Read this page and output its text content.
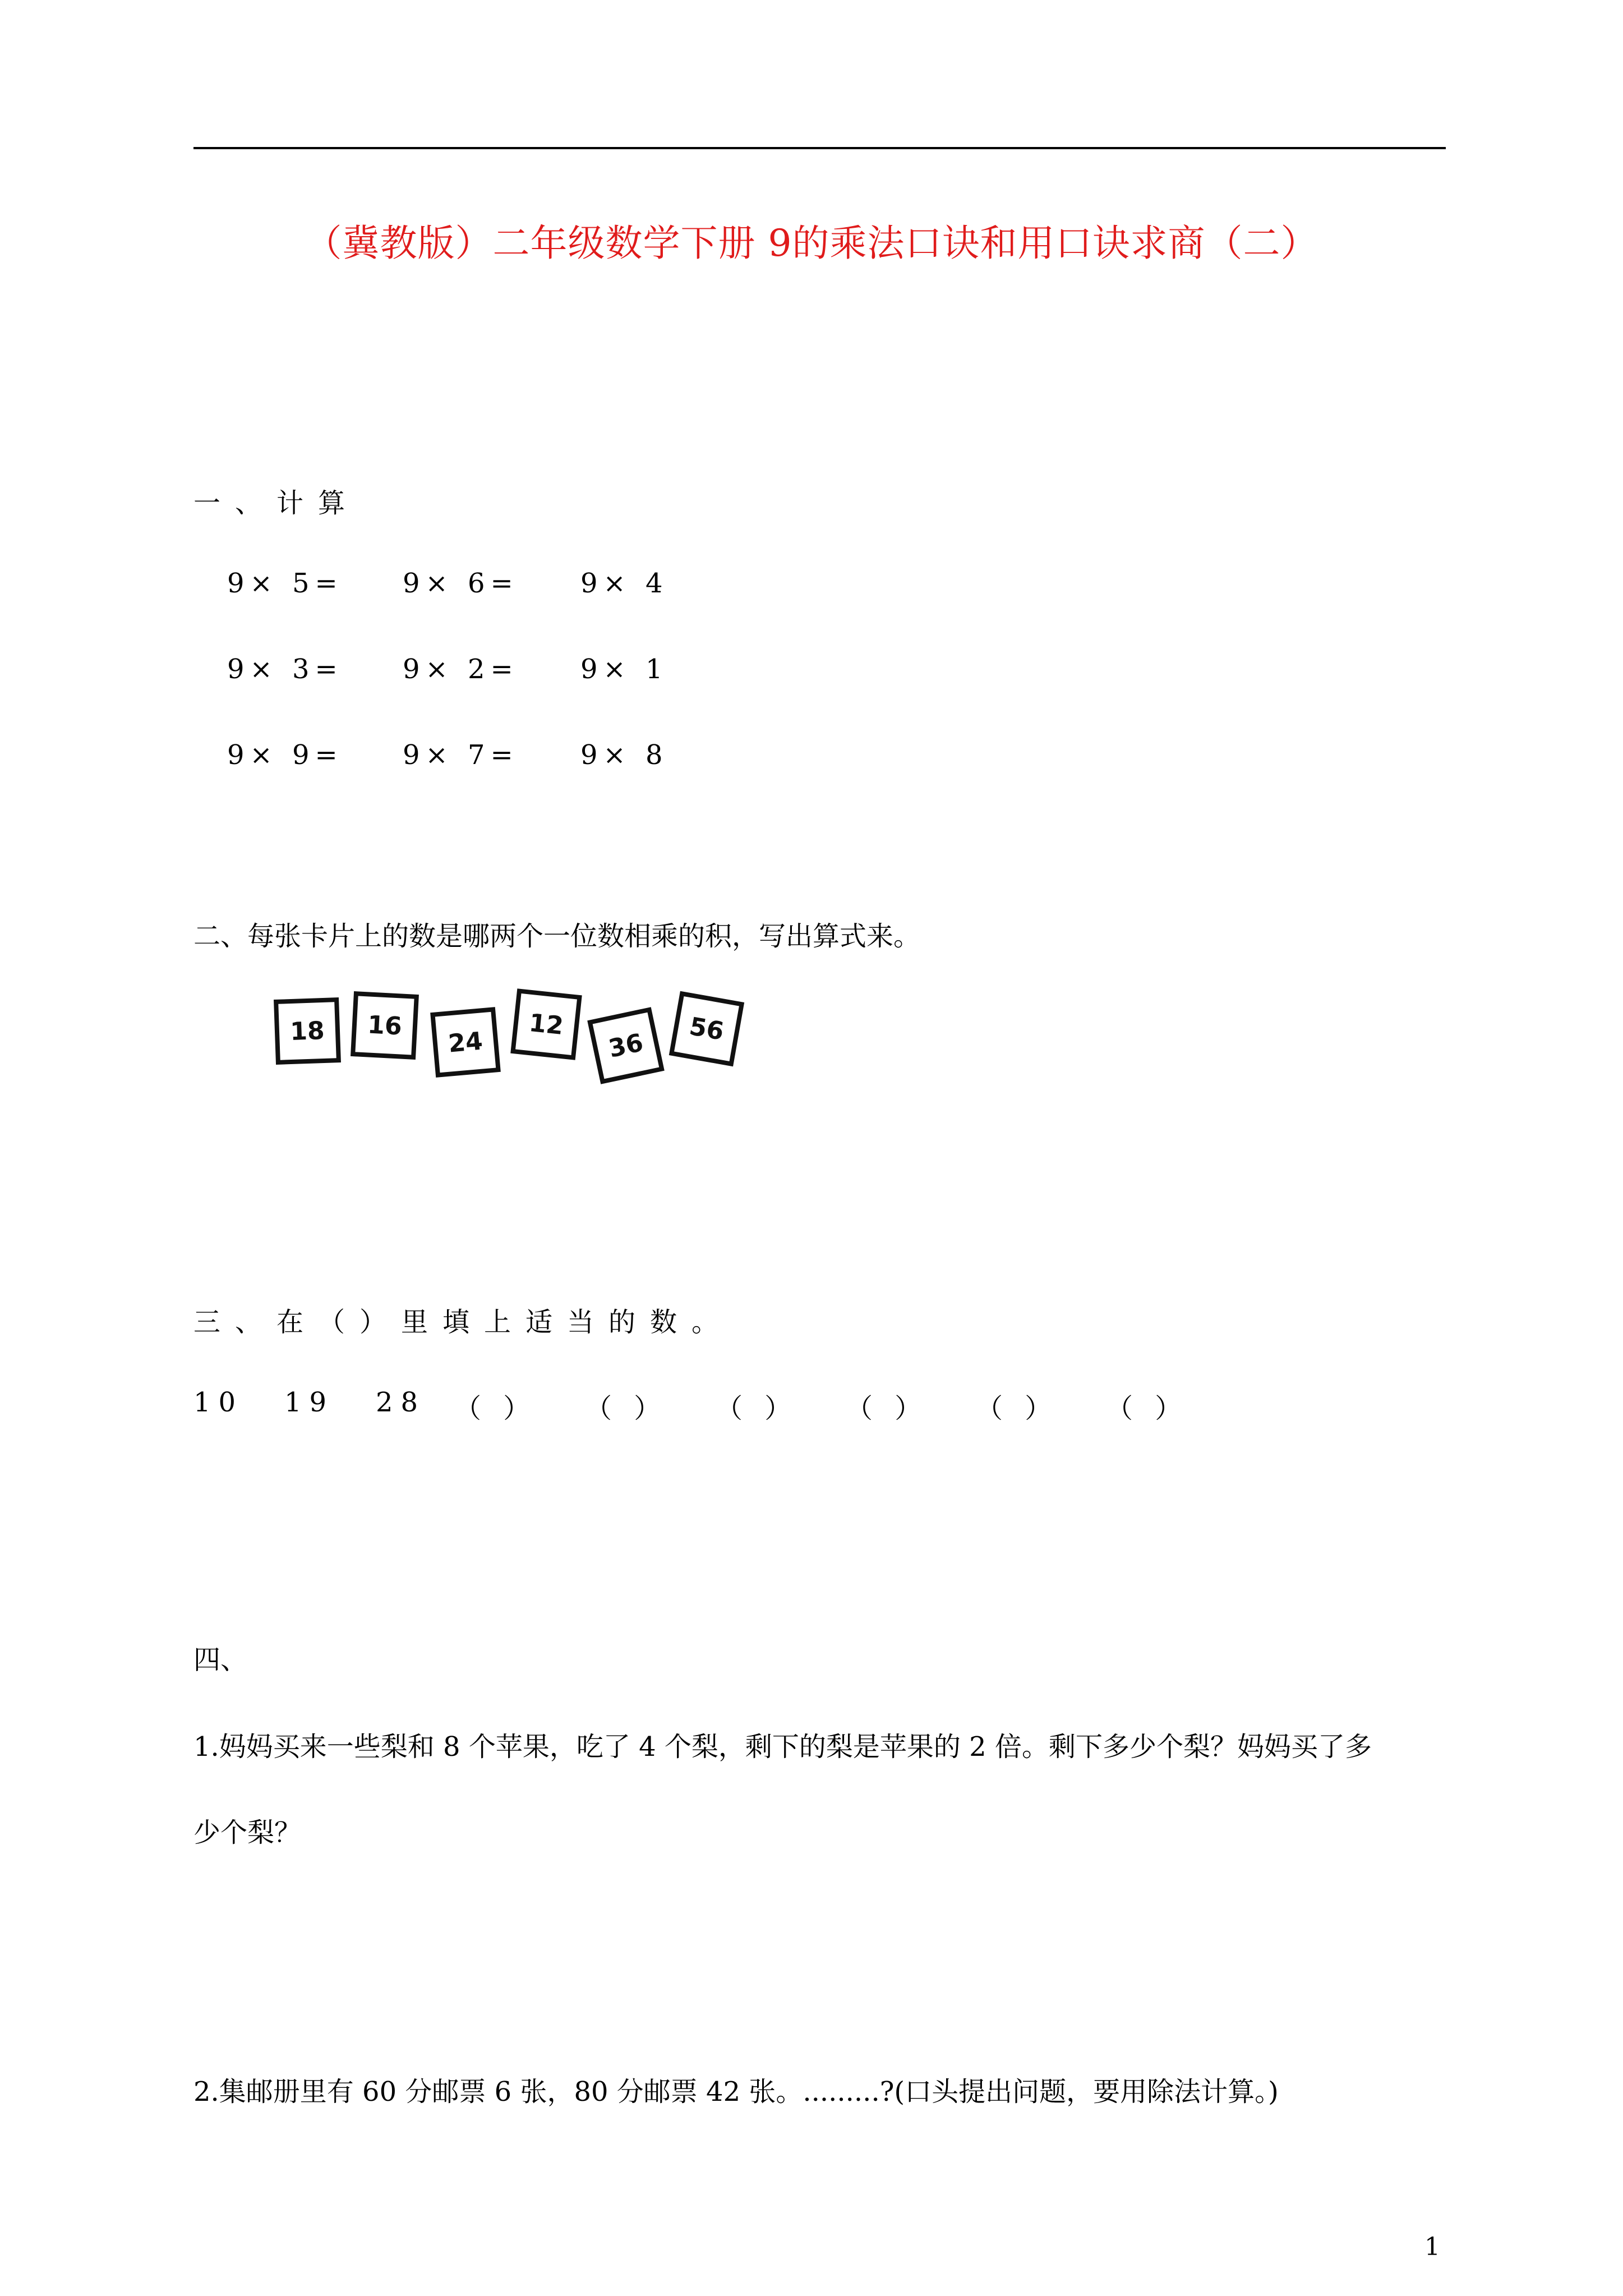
（冀教版）二年级数学下册 9的乘法口诀和用口诀求商（二）
一、计算
9× 5= 9× 6= 9× 4
9× 3= 9× 2= 9× 1
9× 9= 9× 7= 9× 8
二、每张卡片上的数是哪两个一位数相乘的积，写出算式来。
18	16
24
12
36	56
三、在（）里填上适当的数。
10 19 28 （ ） （ ） （ ） （ ） （ ） （ ）
四、
1.妈妈买来一些梨和 8 个苹果，吃了 4 个梨，剩下的梨是苹果的 2 倍。剩下多少个梨？妈妈买了多
少个梨？
2.集邮册里有 60 分邮票 6 张，80 分邮票 42 张。.........?(口头提出问题，要用除法计算。)
1
